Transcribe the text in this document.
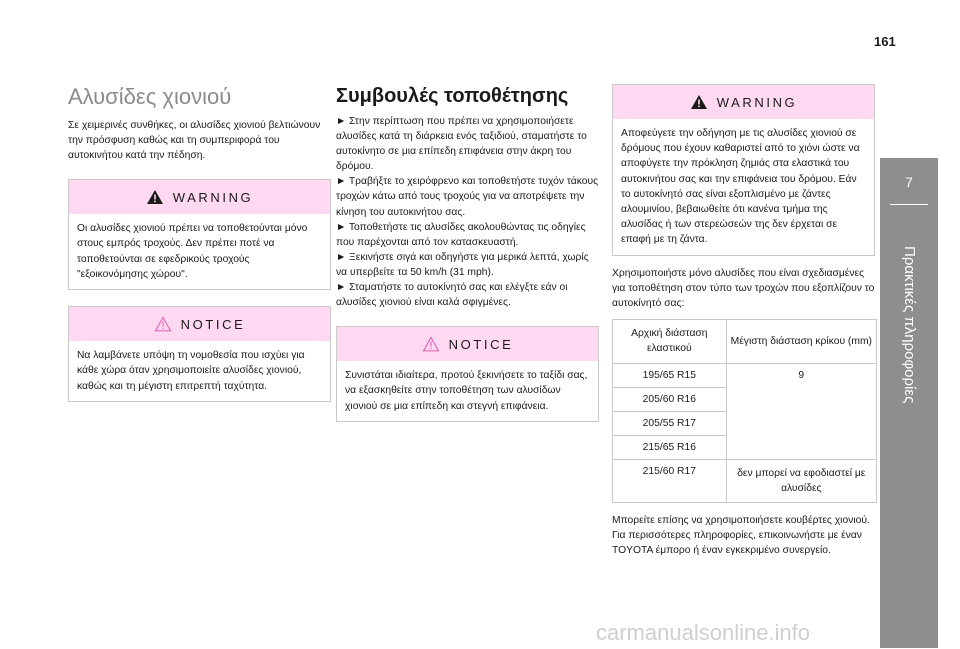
161
Αλυσίδες χιονιού

Σε χειμερινές συνθήκες, οι αλυσίδες χιονιού βελτιώνουν την πρόσφυση καθώς και τη συμπεριφορά του αυτοκινήτου κατά την πέδηση.

WARNING
Οι αλυσίδες χιονιού πρέπει να τοποθετούνται μόνο στους εμπρός τροχούς. Δεν πρέπει ποτέ να τοποθετούνται σε εφεδρικούς τροχούς "εξοικονόμησης χώρου".
NOTICE
Να λαμβάνετε υπόψη τη νομοθεσία που ισχύει για κάθε χώρα όταν χρησιμοποιείτε αλυσίδες χιονιού, καθώς και τη μέγιστη επιτρεπτή ταχύτητα.
Συμβουλές τοποθέτησης

► Στην περίπτωση που πρέπει να χρησιμοποιήσετε αλυσίδες κατά τη διάρκεια ενός ταξιδιού, σταματήστε το αυτοκίνητο σε μια επίπεδη επιφάνεια στην άκρη του δρόμου.

► Τραβήξτε το χειρόφρενο και τοποθετήστε τυχόν τάκους τροχών κάτω από τους τροχούς για να αποτρέψετε την κίνηση του αυτοκινήτου σας.

► Τοποθετήστε τις αλυσίδες ακολουθώντας τις οδηγίες που παρέχονται από τον κατασκευαστή.

► Ξεκινήστε σιγά και οδηγήστε για μερικά λεπτά, χωρίς να υπερβείτε τα 50 km/h (31 mph).

► Σταματήστε το αυτοκίνητό σας και ελέγξτε εάν οι αλυσίδες χιονιού είναι καλά σφιγμένες.

NOTICE
Συνιστάται ιδιαίτερα, προτού ξεκινήσετε το ταξίδι σας, να εξασκηθείτε στην τοποθέτηση των αλυσίδων χιονιού σε μια επίπεδη και στεγνή επιφάνεια.
WARNING
Αποφεύγετε την οδήγηση με τις αλυσίδες χιονιού σε δρόμους που έχουν καθαριστεί από το χιόνι ώστε να αποφύγετε την πρόκληση ζημιάς στα ελαστικά του αυτοκινήτου σας και την επιφάνεια του δρόμου. Εάν το αυτοκίνητό σας είναι εξοπλισμένο με ζάντες αλουμινίου, βεβαιωθείτε ότι κανένα τμήμα της αλυσίδας ή των στερεώσεών της δεν έρχεται σε επαφή με τη ζάντα.

Χρησιμοποιήστε μόνο αλυσίδες που είναι σχεδιασμένες για τοποθέτηση στον τύπο των τροχών που εξοπλίζουν το αυτοκίνητό σας:

Αρχική διάσταση ελαστικού	Μέγιστη διάσταση κρίκου (mm)
195/65 R15	9
205/60 R16	
205/55 R17	
215/65 R16	
215/60 R17	δεν μπορεί να εφοδιαστεί με αλυσίδες

Μπορείτε επίσης να χρησιμοποιήσετε κουβέρτες χιονιού.

Για περισσότερες πληροφορίες, επικοινωνήστε με έναν TOYOTA έμπορο ή έναν εγκεκριμένο συνεργείο.

7
Πρακτικές πληροφορίες
carmanualsonline.info
